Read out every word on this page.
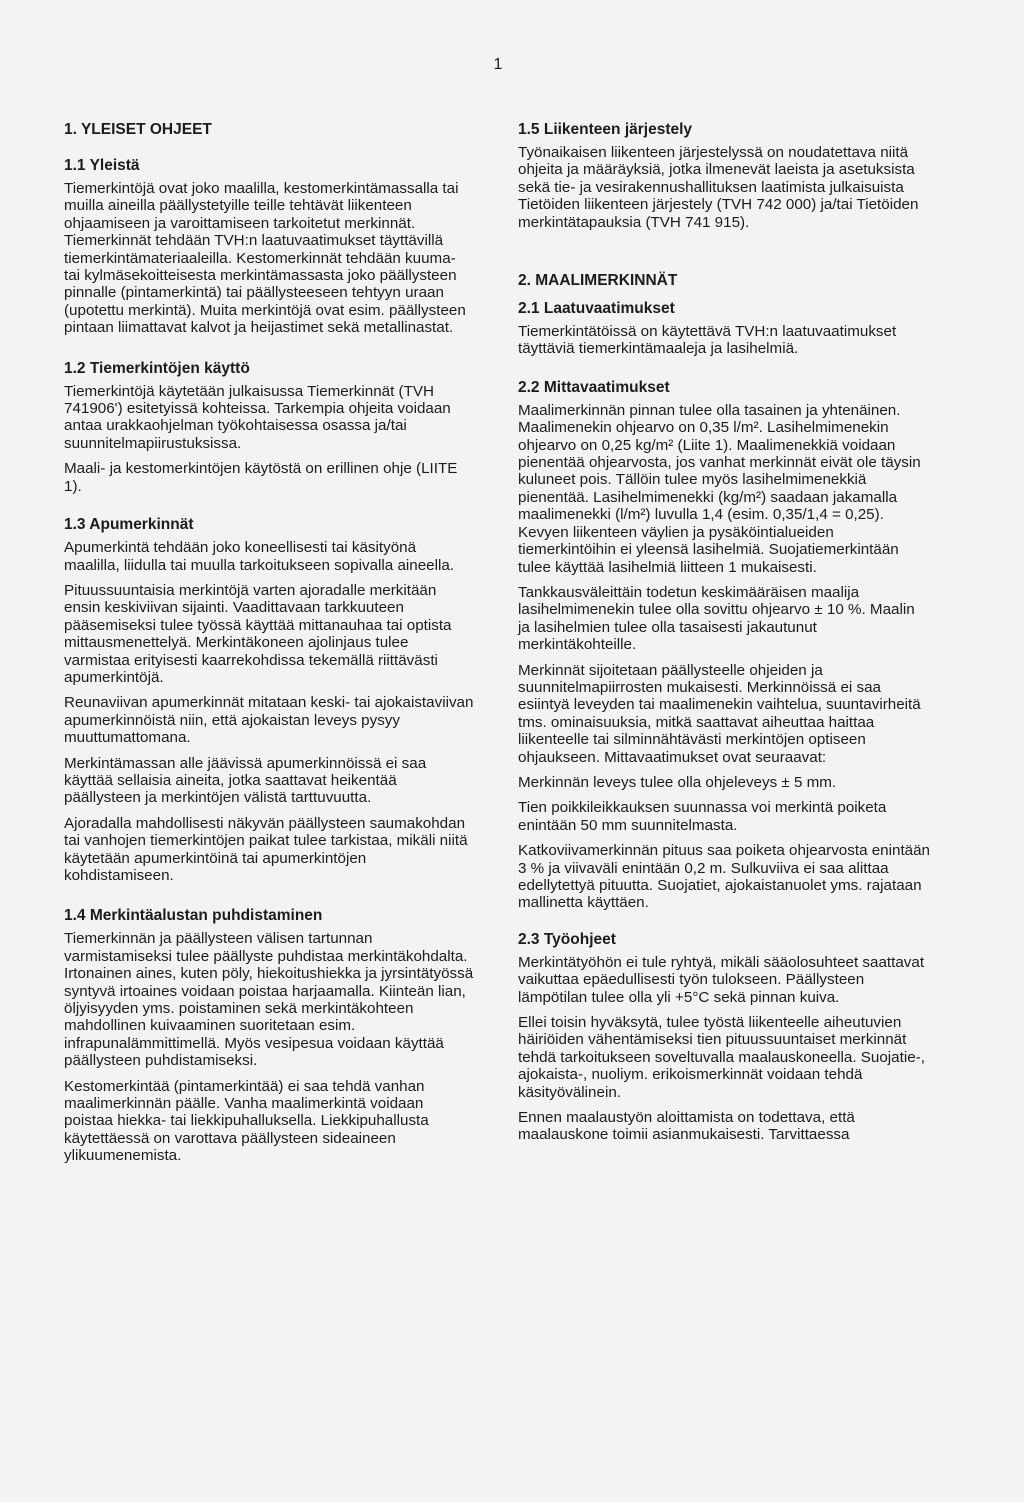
1
1. YLEISET OHJEET
1.1 Yleistä

Tiemerkintöjä ovat joko maalilla, kestomerkintämassalla tai muilla aineilla päällystetyille teille tehtävät liikenteen ohjaamiseen ja varoittamiseen tarkoitetut merkinnät. Tiemerkinnät tehdään TVH:n laatuvaatimukset täyttävillä tiemerkintämateriaaleilla. Kestomerkinnät tehdään kuuma- tai kylmäsekoitteisesta merkintämassasta joko päällysteen pinnalle (pintamerkintä) tai päällysteeseen tehtyyn uraan (upotettu merkintä). Muita merkintöjä ovat esim. päällysteen pintaan liimattavat kalvot ja heijastimet sekä metallinastat.

1.2 Tiemerkintöjen käyttö

Tiemerkintöjä käytetään julkaisussa Tiemerkinnät (TVH 741906') esitetyissä kohteissa. Tarkempia ohjeita voidaan antaa urakkaohjelman työkohtaisessa osassa ja/tai suunnitelmapiirustuksissa.

Maali- ja kestomerkintöjen käytöstä on erillinen ohje (LIITE 1).

1.3 Apumerkinnät

Apumerkintä tehdään joko koneellisesti tai käsityönä maalilla, liidulla tai muulla tarkoitukseen sopivalla aineella.

Pituussuuntaisia merkintöjä varten ajoradalle merkitään ensin keskiviivan sijainti. Vaadittavaan tarkkuuteen pääsemiseksi tulee työssä käyttää mittanauhaa tai optista mittausmenettelyä. Merkintäkoneen ajolinjaus tulee varmistaa erityisesti kaarrekohdissa tekemällä riittävästi apumerkintöjä.

Reunaviivan apumerkinnät mitataan keski- tai ajokaistaviivan apumerkinnöistä niin, että ajokaistan leveys pysyy muuttumattomana.

Merkintämassan alle jäävissä apumerkinnöissä ei saa käyttää sellaisia aineita, jotka saattavat heikentää päällysteen ja merkintöjen välistä tarttuvuutta.

Ajoradalla mahdollisesti näkyvän päällysteen saumakohdan tai vanhojen tiemerkintöjen paikat tulee tarkistaa, mikäli niitä käytetään apumerkintöinä tai apumerkintöjen kohdistamiseen.

1.4 Merkintäalustan puhdistaminen

Tiemerkinnän ja päällysteen välisen tartunnan varmistamiseksi tulee päällyste puhdistaa merkintäkohdalta. Irtonainen aines, kuten pöly, hiekoitushiekka ja jyrsintätyössä syntyvä irtoaines voidaan poistaa harjaamalla. Kiinteän lian, öljyisyyden yms. poistaminen sekä merkintäkohteen mahdollinen kuivaaminen suoritetaan esim. infrapunalämmittimellä. Myös vesipesua voidaan käyttää päällysteen puhdistamiseksi.

Kestomerkintää (pintamerkintää) ei saa tehdä vanhan maalimerkinnän päälle. Vanha maalimerkintä voidaan poistaa hiekka- tai liekkipuhalluksella. Liekkipuhallusta käytettäessä on varottava päällysteen sideaineen ylikuumenemista.

1.5 Liikenteen järjestely

Työnaikaisen liikenteen järjestelyssä on noudatettava niitä ohjeita ja määräyksiä, jotka ilmenevät laeista ja asetuksista sekä tie- ja vesirakennushallituksen laatimista julkaisuista Tietöiden liikenteen järjestely (TVH 742 000) ja/tai Tietöiden merkintätapauksia (TVH 741 915).

2. MAALIMERKINNÄT
2.1 Laatuvaatimukset

Tiemerkintätöissä on käytettävä TVH:n laatuvaatimukset täyttäviä tiemerkintämaaleja ja lasihelmiä.

2.2 Mittavaatimukset

Maalimerkinnän pinnan tulee olla tasainen ja yhtenäinen. Maalimenekin ohjearvo on 0,35 l/m². Lasihelmimenekin ohjearvo on 0,25 kg/m² (Liite 1). Maalimenekkiä voidaan pienentää ohjearvosta, jos vanhat merkinnät eivät ole täysin kuluneet pois. Tällöin tulee myös lasihelmimenekkiä pienentää. Lasihelmimenekki (kg/m²) saadaan jakamalla maalimenekki (l/m²) luvulla 1,4 (esim. 0,35/1,4 = 0,25). Kevyen liikenteen väylien ja pysäköintialueiden tiemerkintöihin ei yleensä lasihelmiä. Suojatiemerkintään tulee käyttää lasihelmiä liitteen 1 mukaisesti.

Tankkausväleittäin todetun keskimääräisen maalija lasihelmimenekin tulee olla sovittu ohjearvo ± 10 %. Maalin ja lasihelmien tulee olla tasaisesti jakautunut merkintäkohteille.

Merkinnät sijoitetaan päällysteelle ohjeiden ja suunnitelmapiirrosten mukaisesti. Merkinnöissä ei saa esiintyä leveyden tai maalimenekin vaihtelua, suuntavirheitä tms. ominaisuuksia, mitkä saattavat aiheuttaa haittaa liikenteelle tai silminnähtävästi merkintöjen optiseen ohjaukseen. Mittavaatimukset ovat seuraavat:

Merkinnän leveys tulee olla ohjeleveys ± 5 mm.

Tien poikkileikkauksen suunnassa voi merkintä poiketa enintään 50 mm suunnitelmasta.

Katkoviivamerkinnän pituus saa poiketa ohjearvosta enintään 3 % ja viivaväli enintään 0,2 m. Sulkuviiva ei saa alittaa edellytettyä pituutta. Suojatiet, ajokaistanuolet yms. rajataan mallinetta käyttäen.

2.3 Työohjeet

Merkintätyöhön ei tule ryhtyä, mikäli sääolosuhteet saattavat vaikuttaa epäedullisesti työn tulokseen. Päällysteen lämpötilan tulee olla yli +5°C sekä pinnan kuiva.

Ellei toisin hyväksytä, tulee työstä liikenteelle aiheutuvien häiriöiden vähentämiseksi tien pituussuuntaiset merkinnät tehdä tarkoitukseen soveltuvalla maalauskoneella. Suojatie-, ajokaista-, nuoliym. erikoismerkinnät voidaan tehdä käsityövälinein.

Ennen maalaustyön aloittamista on todettava, että maalauskone toimii asianmukaisesti. Tarvittaessa
